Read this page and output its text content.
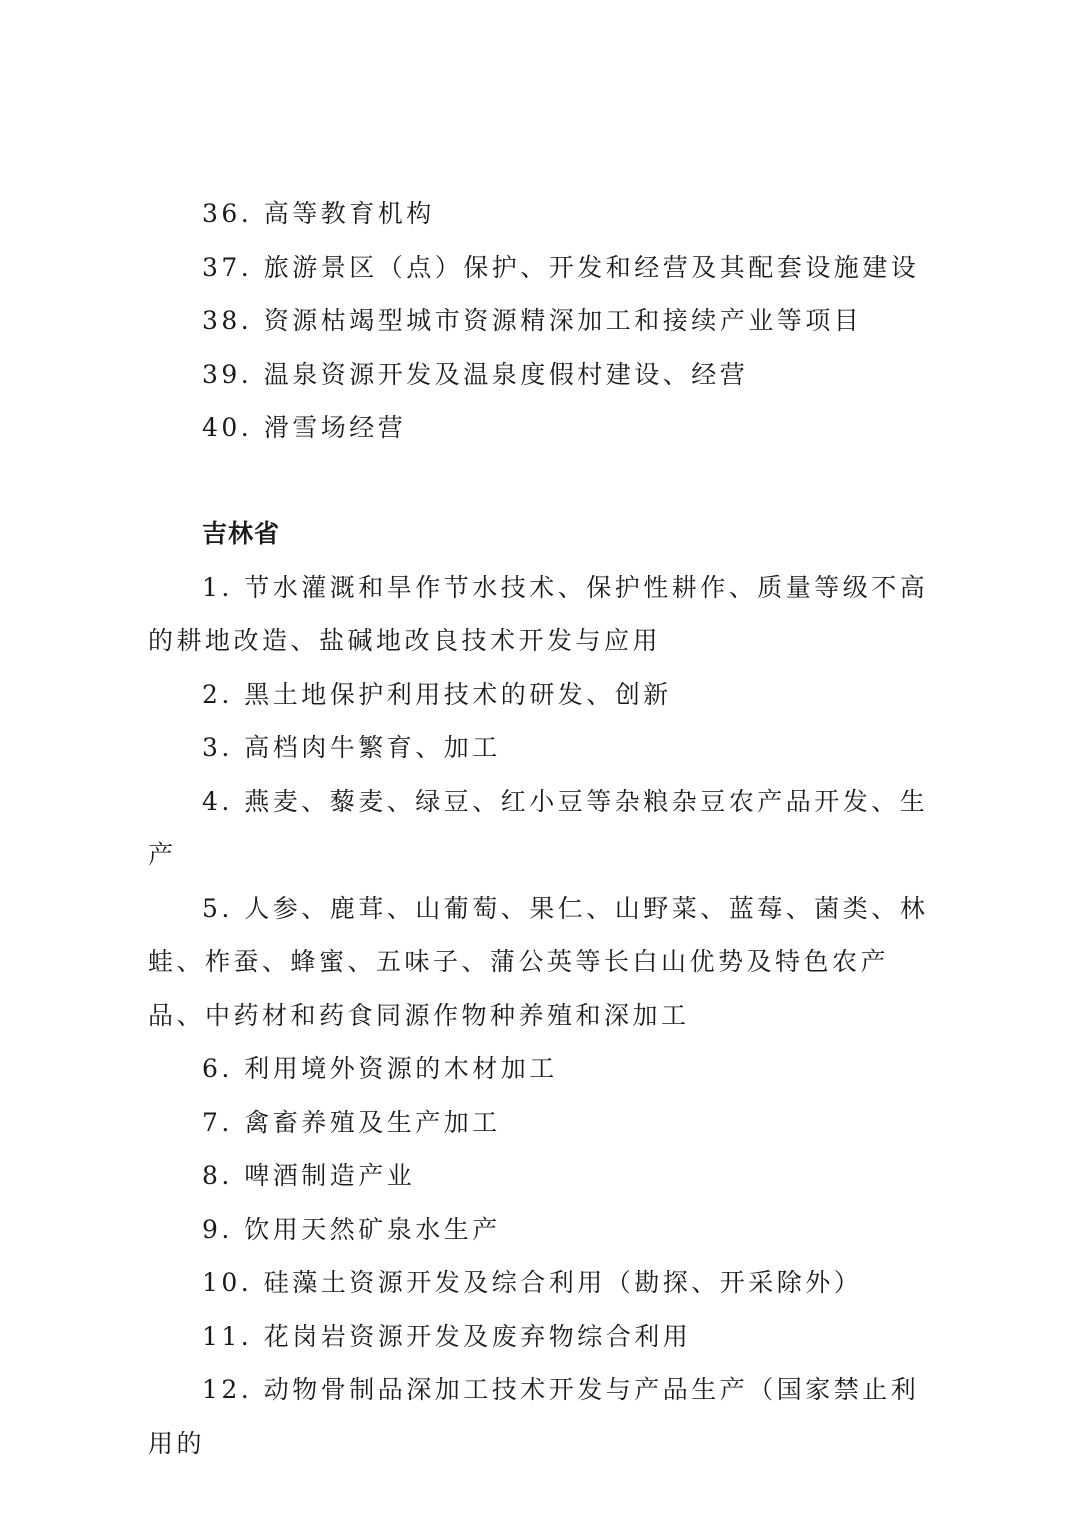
36. 高等教育机构

37. 旅游景区（点）保护、开发和经营及其配套设施建设

38. 资源枯竭型城市资源精深加工和接续产业等项目

39. 温泉资源开发及温泉度假村建设、经营

40. 滑雪场经营

吉林省

1. 节水灌溉和旱作节水技术、保护性耕作、质量等级不高的耕地改造、盐碱地改良技术开发与应用

2. 黑土地保护利用技术的研发、创新

3. 高档肉牛繁育、加工

4. 燕麦、藜麦、绿豆、红小豆等杂粮杂豆农产品开发、生产

5. 人参、鹿茸、山葡萄、果仁、山野菜、蓝莓、菌类、林蛙、柞蚕、蜂蜜、五味子、蒲公英等长白山优势及特色农产品、中药材和药食同源作物种养殖和深加工

6. 利用境外资源的木材加工

7. 禽畜养殖及生产加工

8. 啤酒制造产业

9. 饮用天然矿泉水生产

10. 硅藻土资源开发及综合利用（勘探、开采除外）

11. 花岗岩资源开发及废弃物综合利用

12. 动物骨制品深加工技术开发与产品生产（国家禁止利用的
